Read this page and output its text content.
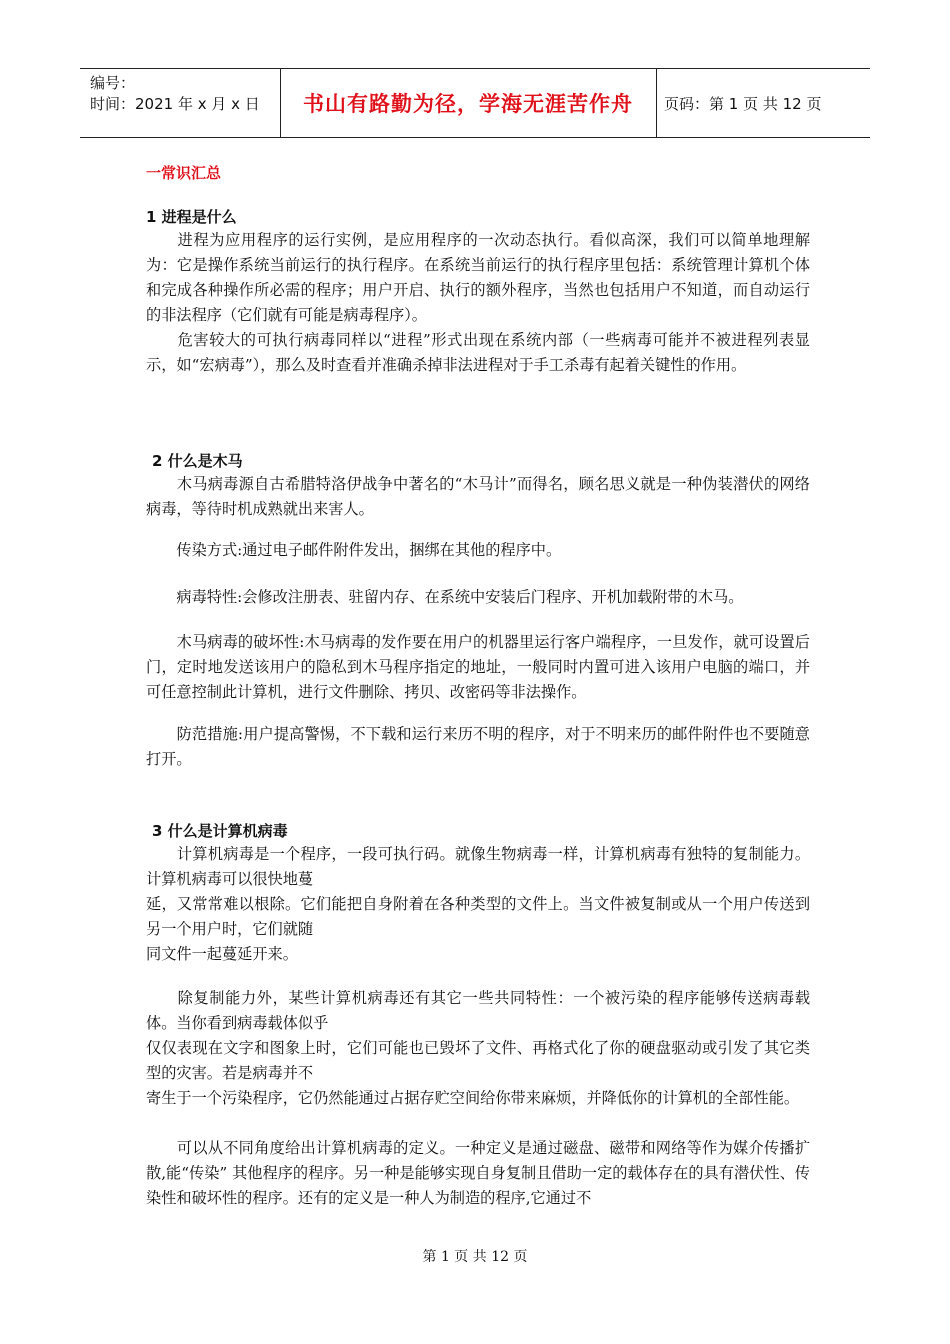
编号：
时间：2021 年 x 月 x 日	书山有路勤为径，学海无涯苦作舟	页码：第 1 页 共 12 页
一常识汇总
1 进程是什么
　　进程为应用程序的运行实例，是应用程序的一次动态执行。看似高深，我们可以简单地理解为：它是操作系统当前运行的执行程序。在系统当前运行的执行程序里包括：系统管理计算机个体和完成各种操作所必需的程序；用户开启、执行的额外程序，当然也包括用户不知道，而自动运行的非法程序（它们就有可能是病毒程序）。
　　危害较大的可执行病毒同样以“进程”形式出现在系统内部（一些病毒可能并不被进程列表显示，如“宏病毒”），那么及时查看并准确杀掉非法进程对于手工杀毒有起着关键性的作用。
2 什么是木马
　　木马病毒源自古希腊特洛伊战争中著名的“木马计”而得名，顾名思义就是一种伪装潜伏的网络病毒，等待时机成熟就出来害人。
　　传染方式:通过电子邮件附件发出，捆绑在其他的程序中。
　　病毒特性:会修改注册表、驻留内存、在系统中安装后门程序、开机加载附带的木马。
　　木马病毒的破坏性:木马病毒的发作要在用户的机器里运行客户端程序，一旦发作，就可设置后门，定时地发送该用户的隐私到木马程序指定的地址，一般同时内置可进入该用户电脑的端口，并可任意控制此计算机，进行文件删除、拷贝、改密码等非法操作。
　　防范措施:用户提高警惕，不下载和运行来历不明的程序，对于不明来历的邮件附件也不要随意打开。
3 什么是计算机病毒
　　计算机病毒是一个程序，一段可执行码。就像生物病毒一样，计算机病毒有独特的复制能力。计算机病毒可以很快地蔓
延，又常常难以根除。它们能把自身附着在各种类型的文件上。当文件被复制或从一个用户传送到另一个用户时，它们就随
同文件一起蔓延开来。
　　除复制能力外，某些计算机病毒还有其它一些共同特性：一个被污染的程序能够传送病毒载体。当你看到病毒载体似乎
仅仅表现在文字和图象上时，它们可能也已毁坏了文件、再格式化了你的硬盘驱动或引发了其它类型的灾害。若是病毒并不
寄生于一个污染程序，它仍然能通过占据存贮空间给你带来麻烦，并降低你的计算机的全部性能。
　　可以从不同角度给出计算机病毒的定义。一种定义是通过磁盘、磁带和网络等作为媒介传播扩散,能“传染” 其他程序的程序。另一种是能够实现自身复制且借助一定的载体存在的具有潜伏性、传染性和破坏性的程序。还有的定义是一种人为制造的程序,它通过不
第 1 页 共 12 页
